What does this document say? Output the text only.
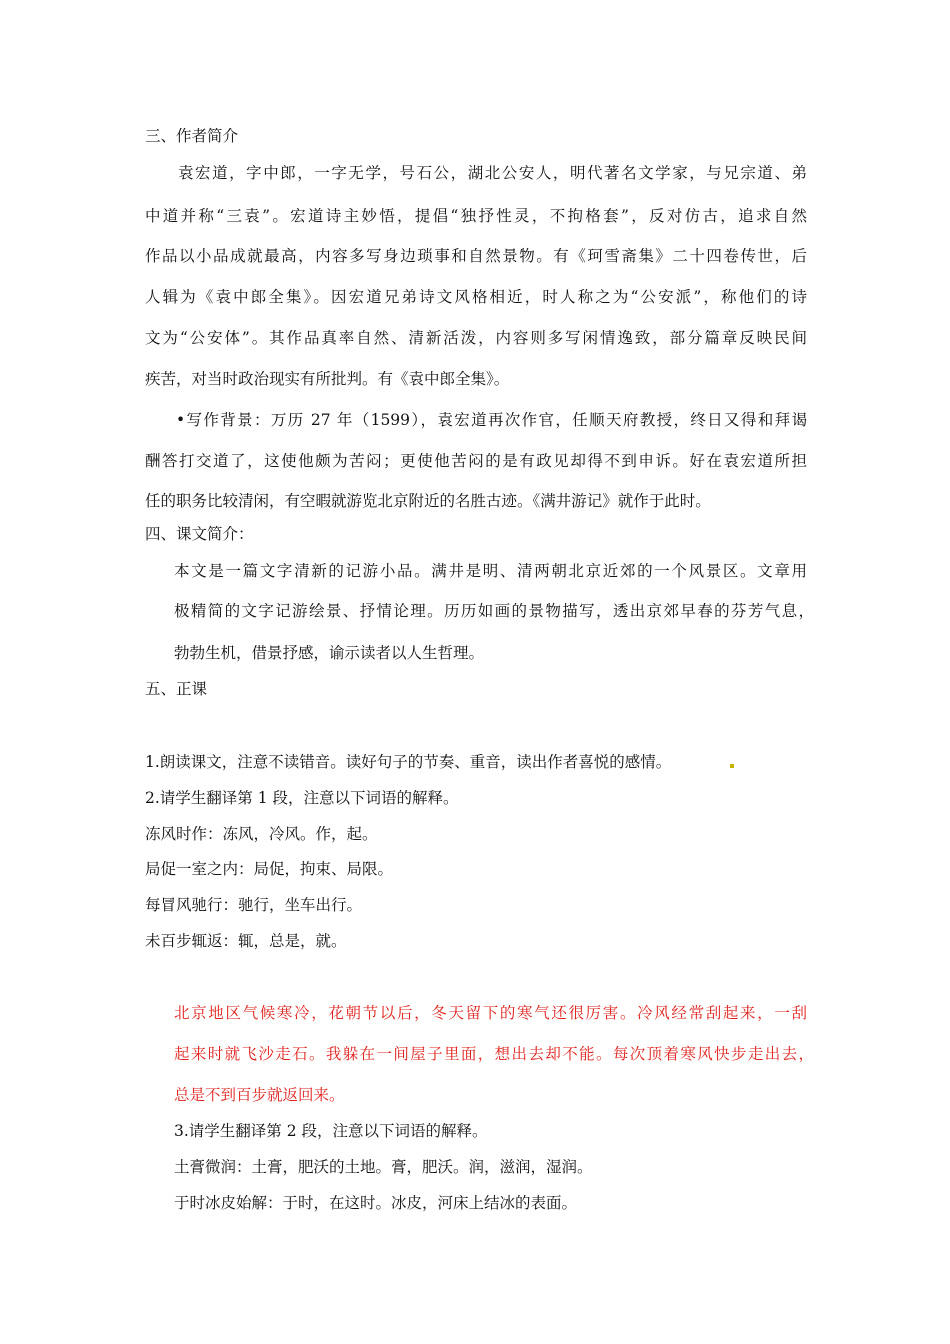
三、作者简介
袁宏道，字中郎，一字无学，号石公，湖北公安人，明代著名文学家，与兄宗道、弟
中道并称“三袁”。宏道诗主妙悟，提倡“独抒性灵，不拘格套”，反对仿古，追求自然
作品以小品成就最高，内容多写身边琐事和自然景物。有《珂雪斋集》二十四卷传世，后
人辑为《袁中郎全集》。因宏道兄弟诗文风格相近，时人称之为“公安派”，称他们的诗
文为“公安体”。其作品真率自然、清新活泼，内容则多写闲情逸致，部分篇章反映民间
疾苦，对当时政治现实有所批判。有《袁中郎全集》。
•写作背景：万历 27 年（1599），袁宏道再次作官，任顺天府教授，终日又得和拜谒
酬答打交道了，这使他颇为苦闷；更使他苦闷的是有政见却得不到申诉。好在袁宏道所担
任的职务比较清闲，有空暇就游览北京附近的名胜古迹。《满井游记》就作于此时。
四、课文简介：
本文是一篇文字清新的记游小品。满井是明、清两朝北京近郊的一个风景区。文章用
极精简的文字记游绘景、抒情论理。历历如画的景物描写，透出京郊早春的芬芳气息，
勃勃生机，借景抒感，谕示读者以人生哲理。
五、正课
1.朗读课文，注意不读错音。读好句子的节奏、重音，读出作者喜悦的感情。
2.请学生翻译第 1 段，注意以下词语的解释。
冻风时作：冻风，冷风。作，起。
局促一室之内：局促，拘束、局限。
每冒风驰行：驰行，坐车出行。
未百步辄返：辄，总是，就。
北京地区气候寒冷，花朝节以后，冬天留下的寒气还很厉害。冷风经常刮起来，一刮
起来时就飞沙走石。我躲在一间屋子里面，想出去却不能。每次顶着寒风快步走出去，
总是不到百步就返回来。
3.请学生翻译第 2 段，注意以下词语的解释。
土膏微润：土膏，肥沃的土地。膏，肥沃。润，滋润，湿润。
于时冰皮始解：于时，在这时。冰皮，河床上结冰的表面。
